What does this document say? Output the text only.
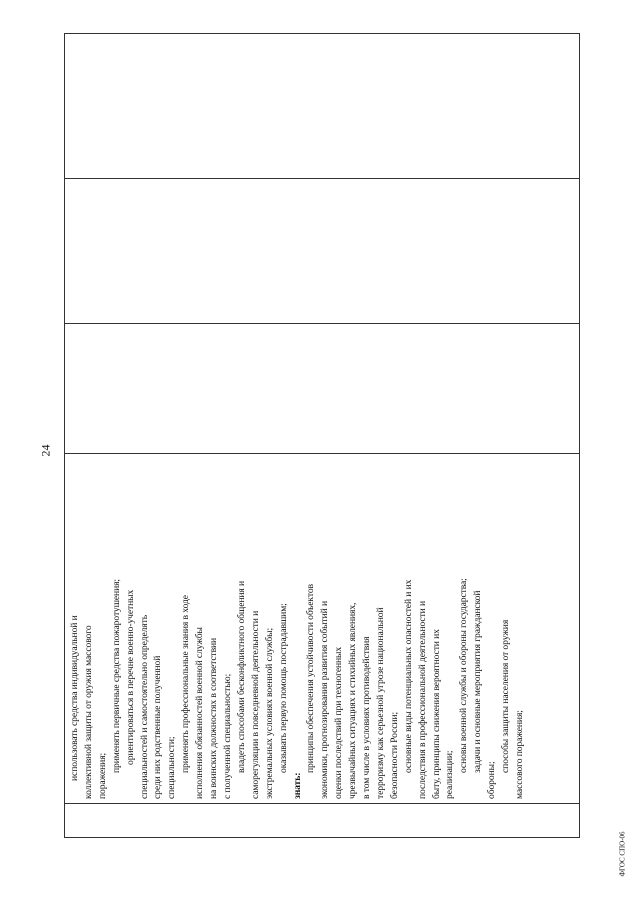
24
использовать средства индивидуальной и коллективной защиты от оружия массового поражения;
применять первичные средства пожаротушения; ориентироваться в перечне военно-учетных специальностей и самостоятельно определять среди них родственные полученной специальности; применять профессиональные знания в ходе исполнения обязанностей военной службы на воинских должностях в соответствии с полученной специальностью; владеть способами бесконфликтного общения и саморегуляции в повседневной деятельности и экстремальных условиях военной службы; оказывать первую помощь пострадавшим;
знать:
принципы обеспечения устойчивости объектов экономики, прогнозирования развития событий и оценки последствий при техногенных чрезвычайных ситуациях и стихийных явлениях, в том числе в условиях противодействия терроризму как серьезной угрозе национальной безопасности России; основные виды потенциальных опасностей и их последствия в профессиональной деятельности и быту, принципы снижения вероятности их реализации;
основы военной службы и обороны государства; задачи и основные мероприятия гражданской
обороны;
способы защиты населения от оружия массового поражения;
ФГОС СПО-06
